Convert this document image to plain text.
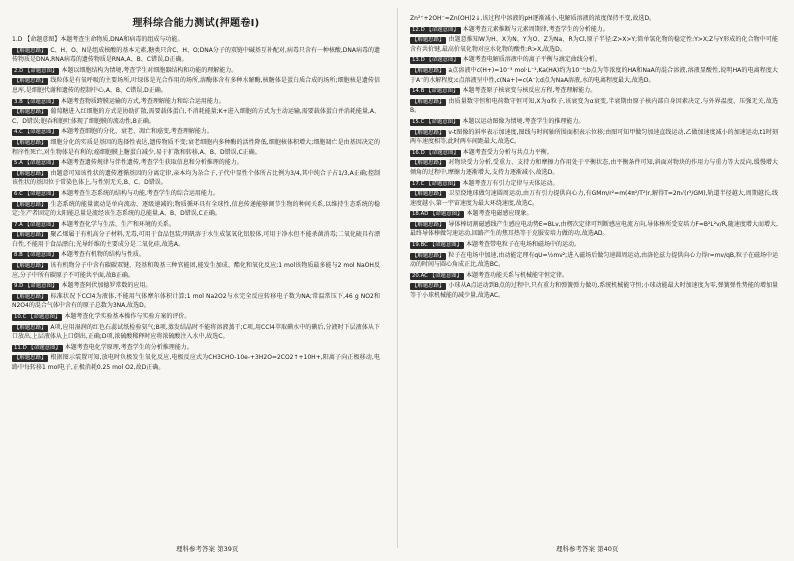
理科综合能力测试(押题卷Ⅰ)
1.D 【命题意图】本题考查生命物质,DNA和病毒的组成与功能。
【解题思路】 C、H、O、N是组成核酸的基本元素,糖类只含C、H、O;DNA分子的双链中碱基互补配对,病毒只含有一种核酸,DNA病毒的遗传物质是DNA,RNA病毒的遗传物质是RNA,A、B、C错误,D正确。
2.D 【命题意图】 本题以细胞结构为情境,考查学生对细胞器结构和功能的理解能力。
【解题思路】 线粒体是有氧呼吸的主要场所,叶绿体是光合作用的场所,溶酶体含有多种水解酶,核糖体是蛋白质合成的场所;细胞核是遗传信息库,是细胞代谢和遗传的控制中心,A、B、C错误,D正确。
3.B 【命题意图】 本题考查物质跨膜运输的方式,考查理解能力和综合运用能力。
【解题思路】 葡萄糖进入红细胞的方式是协助扩散,需要载体蛋白,不消耗能量;K+进入细胞的方式为主动运输,需要载体蛋白并消耗能量,A、C、D错误;胞吞和胞吐体现了细胞膜的流动性,B正确。
4.C 【命题意图】 本题考查细胞的分化、衰老、凋亡和癌变,考查理解能力。
【解题思路】 细胞分化的实质是基因的选择性表达,遗传物质不变;衰老细胞内多种酶的活性降低,细胞核体积增大;细胞凋亡是由基因决定的程序性死亡,对生物体是有利的;癌细胞膜上糖蛋白减少,易于扩散和转移,A、B、D错误,C正确。
5.A 【命题意图】 本题考查遗传规律与伴性遗传,考查学生获取信息和分析推理的能力。
【解题思路】 由题意可知该性状的遗传遵循基因的分离定律,亲本均为杂合子,子代中显性个体所占比例为3/4,其中纯合子占1/3,A正确;控制该性状的基因位于常染色体上,与性别无关,B、C、D错误。
6.C 【命题意图】 本题考查生态系统的结构与功能,考查学生的综合运用能力。
【解题思路】 生态系统的能量流动是单向流动、逐级递减的;物质循环具有全球性,信息传递能够调节生物的种间关系,以维持生态系统的稳定;生产者固定的太阳能总量是流经该生态系统的总能量,A、B、D错误,C正确。
7.A 【命题意图】 本题考查化学与生活、生产和环境的关系。
【解题思路】 聚乙烯属于有机高分子材料,无毒,可用于食品包装;明矾溶于水生成氢氧化铝胶体,可用于净水但不能杀菌消毒;二氧化硫具有漂白性,不能用于食品漂白;光导纤维的主要成分是二氧化硅,故选A。
8.B 【命题意图】 本题考查有机物的结构与性质。
【解题思路】 该有机物分子中含有碳碳双键、羟基和羧基三种官能团,能发生加成、酯化和氧化反应;1 mol该物质最多能与2 mol NaOH反应,分子中所有碳原子不可能共平面,故B正确。
9.D 【命题意图】 本题考查阿伏加德罗常数的应用。
【解题思路】 标准状况下CCl4为液体,不能用气体摩尔体积计算;1 mol Na2O2与水完全反应转移电子数为NA;常温常压下,46 g NO2和N2O4的混合气体中含有的原子总数为3NA,故选D。
10.C 【命题意图】 本题考查化学实验基本操作与实验方案的评价。
【解题思路】 A项,应用湿润的红色石蕊试纸检验氨气;B项,蒸发结晶时不能将溶液蒸干;C项,用CCl4萃取碘水中的碘后,分液时下层液体从下口放出,上层液体从上口倒出,正确;D项,浓硫酸稀释时应将浓硫酸注入水中,故选C。
11.D 【命题意图】 本题考查电化学原理,考查学生的分析推理能力。
【解题思路】 根据图示装置可知,放电时负极发生氧化反应,电极反应式为CH3CHO-10e-+3H2O=2CO2↑+10H+,阳离子向正极移动,电路中每转移1 mol电子,正极消耗0.25 mol O2,故D正确。
Zn²⁺+2OH⁻=Zn(OH)2↓,该过程中溶液的pH逐渐减小,电解质溶液的浓度保持不变,故选D。
12.D 【命题意图】 本题考查元素推断与元素周期律,考查学生的分析能力。
【解题思路】 由题意推知W为H、X为N、Y为O、Z为Na、R为Cl,原子半径:Z>X>Y;简单氢化物的稳定性:Y>X;Z与Y形成的化合物中可能含有共价键,最高价氧化物对应水化物的酸性:R>X,故选D。
13.D 【命题意图】 本题考查电解质溶液中的离子平衡与滴定曲线分析。
【解题思路】 a点溶液中c(H+)=10⁻³ mol·L⁻¹,Ka(HA)约为10⁻⁵;b点为等浓度的HA和NaA的混合溶液,溶液显酸性,说明HA的电离程度大于A⁻的水解程度;c点溶液呈中性,c(Na+)=c(A⁻);d点为NaA溶液,水的电离程度最大,故选D。
14.B 【命题意图】 本题考查原子核衰变与核反应方程,考查理解能力。
【解题思路】 由质量数守恒和电荷数守恒可知,X为α粒子,该衰变为α衰变,半衰期由原子核内部自身因素决定,与外界温度、压强无关,故选B。
15.C 【命题意图】 本题以运动图像为情境,考查学生的推理能力。
【解题思路】 v-t图像的斜率表示加速度,图线与时间轴所围面积表示位移;由图可知甲做匀加速直线运动,乙做加速度减小的加速运动,t1时刻两车速度相等,此时两车间距最大,故选C。
16.D 【命题意图】 本题考查受力分析与共点力平衡。
【解题思路】 对物块受力分析,受重力、支持力和摩擦力作用处于平衡状态,由平衡条件可知,斜面对物块的作用力与重力等大反向,缓慢增大倾角的过程中,摩擦力逐渐增大,支持力逐渐减小,故选D。
17.C 【命题意图】 本题考查万有引力定律与天体运动。
【解题思路】 卫星绕地球做匀速圆周运动,由万有引力提供向心力,有GMm/r²=m(4π²/T²)r,解得T=2π√(r³/GM),轨道半径越大,周期越长,线速度越小,第一宇宙速度为最大环绕速度,故选C。
18.AD 【命题意图】 本题考查电磁感应现象。
【解题思路】 导体棒切割磁感线产生感应电动势E=BLv,由楞次定律可判断感应电流方向,导体棒所受安培力F=B²L²v/R,随速度增大而增大,最终导体棒做匀速运动,回路产生的焦耳热等于克服安培力做的功,故选AD。
19.BC 【命题意图】 本题考查带电粒子在电场和磁场中的运动。
【解题思路】 粒子在电场中加速,由动能定理有qU=½mv²;进入磁场后做匀速圆周运动,由洛伦兹力提供向心力得r=mv/qB,粒子在磁场中运动的时间与圆心角成正比,故选BC。
20.AC 【命题意图】 本题考查功能关系与机械能守恒定律。
【解题思路】 小球从A点运动到B点的过程中,只有重力和弹簧弹力做功,系统机械能守恒;小球动能最大时加速度为零,弹簧弹性势能的增加量等于小球机械能的减少量,故选AC。
理科参考答案 第39页	理科参考答案 第40页
